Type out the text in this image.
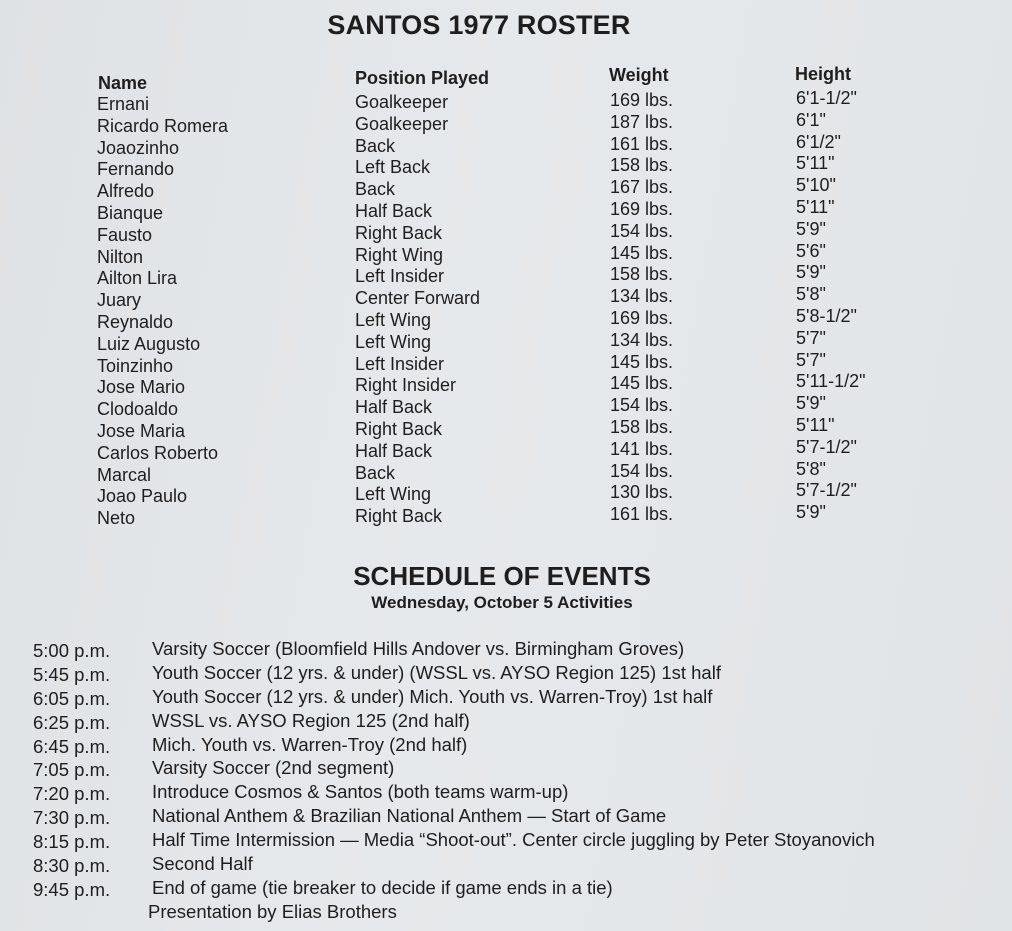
SANTOS 1977 ROSTER
Name	Position Played	Weight	Height
Ernani	Goalkeeper	169 lbs.	6'1-1/2"
Ricardo Romera	Goalkeeper	187 lbs.	6'1"
Joaozinho	Back	161 lbs.	6'1/2"
Fernando	Left Back	158 lbs.	5'11"
Alfredo	Back	167 lbs.	5'10"
Bianque	Half Back	169 lbs.	5'11"
Fausto	Right Back	154 lbs.	5'9"
Nilton	Right Wing	145 lbs.	5'6"
Ailton Lira	Left Insider	158 lbs.	5'9"
Juary	Center Forward	134 lbs.	5'8"
Reynaldo	Left Wing	169 lbs.	5'8-1/2"
Luiz Augusto	Left Wing	134 lbs.	5'7"
Toinzinho	Left Insider	145 lbs.	5'7"
Jose Mario	Right Insider	145 lbs.	5'11-1/2"
Clodoaldo	Half Back	154 lbs.	5'9"
Jose Maria	Right Back	158 lbs.	5'11"
Carlos Roberto	Half Back	141 lbs.	5'7-1/2"
Marcal	Back	154 lbs.	5'8"
Joao Paulo	Left Wing	130 lbs.	5'7-1/2"
Neto	Right Back	161 lbs.	5'9"
SCHEDULE OF EVENTS
Wednesday, October 5 Activities
5:00 p.m. Varsity Soccer (Bloomfield Hills Andover vs. Birmingham Groves)
5:45 p.m. Youth Soccer (12 yrs. & under) (WSSL vs. AYSO Region 125) 1st half
6:05 p.m. Youth Soccer (12 yrs. & under) Mich. Youth vs. Warren-Troy) 1st half
6:25 p.m. WSSL vs. AYSO Region 125 (2nd half)
6:45 p.m. Mich. Youth vs. Warren-Troy (2nd half)
7:05 p.m. Varsity Soccer (2nd segment)
7:20 p.m. Introduce Cosmos & Santos (both teams warm-up)
7:30 p.m. National Anthem & Brazilian National Anthem — Start of Game
8:15 p.m. Half Time Intermission — Media “Shoot-out”. Center circle juggling by Peter Stoyanovich
8:30 p.m. Second Half
9:45 p.m. End of game (tie breaker to decide if game ends in a tie)
Presentation by Elias Brothers
